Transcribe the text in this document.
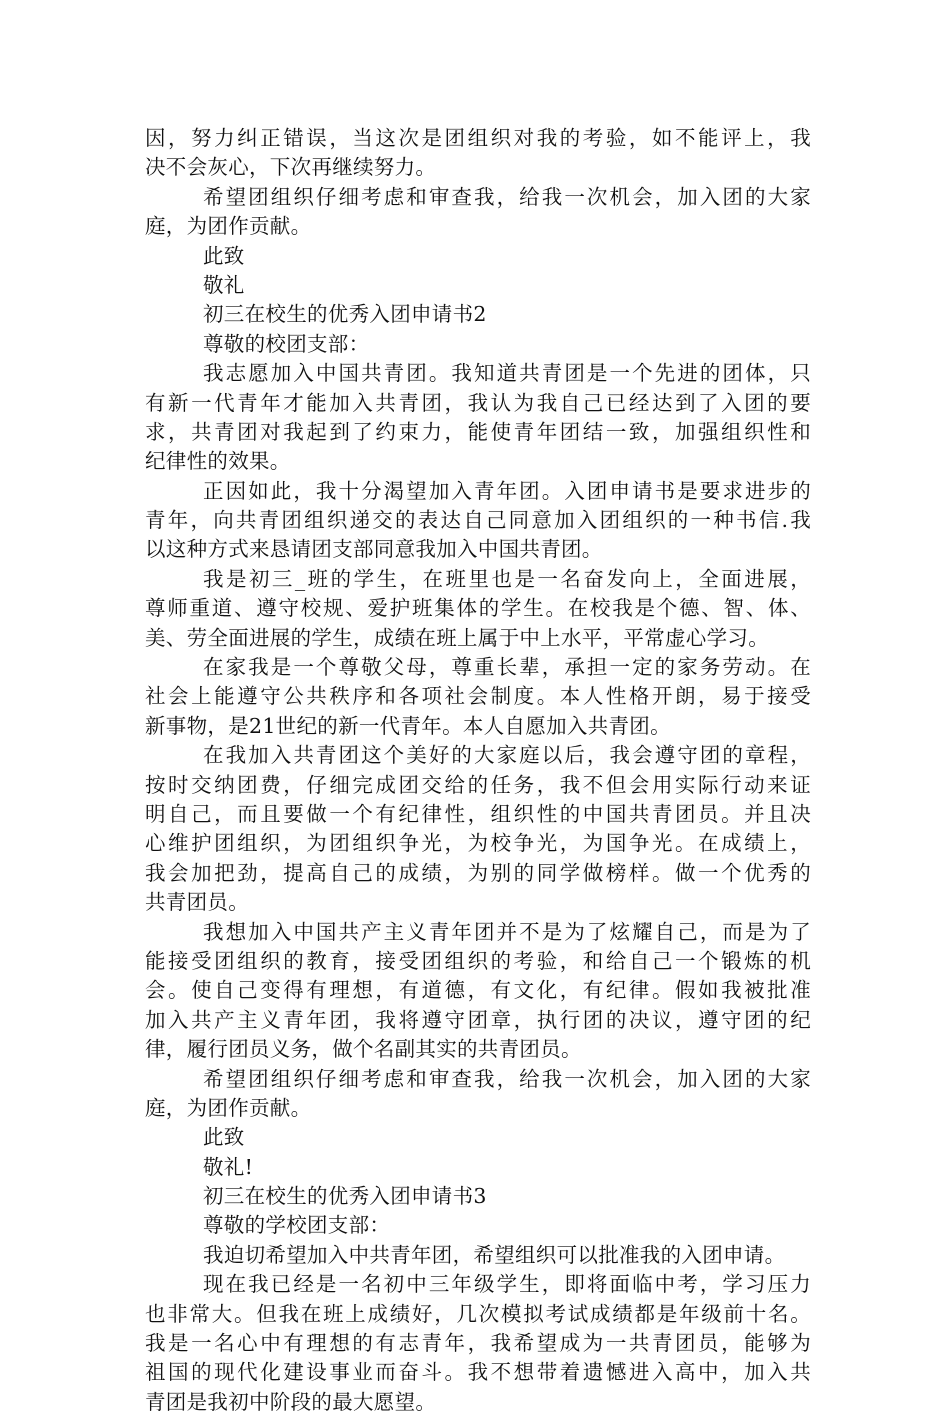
因，努力纠正错误，当这次是团组织对我的考验，如不能评上，我
决不会灰心，下次再继续努力。
希望团组织仔细考虑和审查我，给我一次机会，加入团的大家
庭，为团作贡献。
此致
敬礼
初三在校生的优秀入团申请书2
尊敬的校团支部：
我志愿加入中国共青团。我知道共青团是一个先进的团体，只
有新一代青年才能加入共青团，我认为我自己已经达到了入团的要
求，共青团对我起到了约束力，能使青年团结一致，加强组织性和
纪律性的效果。
正因如此，我十分渴望加入青年团。入团申请书是要求进步的
青年，向共青团组织递交的表达自己同意加入团组织的一种书信.我
以这种方式来恳请团支部同意我加入中国共青团。
我是初三_班的学生，在班里也是一名奋发向上，全面进展，
尊师重道、遵守校规、爱护班集体的学生。在校我是个德、智、体、
美、劳全面进展的学生，成绩在班上属于中上水平，平常虚心学习。
在家我是一个尊敬父母，尊重长辈，承担一定的家务劳动。在
社会上能遵守公共秩序和各项社会制度。本人性格开朗，易于接受
新事物，是21世纪的新一代青年。本人自愿加入共青团。
在我加入共青团这个美好的大家庭以后，我会遵守团的章程，
按时交纳团费，仔细完成团交给的任务，我不但会用实际行动来证
明自己，而且要做一个有纪律性，组织性的中国共青团员。并且决
心维护团组织，为团组织争光，为校争光，为国争光。在成绩上，
我会加把劲，提高自己的成绩，为别的同学做榜样。做一个优秀的
共青团员。
我想加入中国共产主义青年团并不是为了炫耀自己，而是为了
能接受团组织的教育，接受团组织的考验，和给自己一个锻炼的机
会。使自己变得有理想，有道德，有文化，有纪律。假如我被批准
加入共产主义青年团，我将遵守团章，执行团的决议，遵守团的纪
律，履行团员义务，做个名副其实的共青团员。
希望团组织仔细考虑和审查我，给我一次机会，加入团的大家
庭，为团作贡献。
此致
敬礼!
初三在校生的优秀入团申请书3
尊敬的学校团支部：
我迫切希望加入中共青年团，希望组织可以批准我的入团申请。
现在我已经是一名初中三年级学生，即将面临中考，学习压力
也非常大。但我在班上成绩好，几次模拟考试成绩都是年级前十名。
我是一名心中有理想的有志青年，我希望成为一共青团员，能够为
祖国的现代化建设事业而奋斗。我不想带着遗憾进入高中，加入共
青团是我初中阶段的最大愿望。
